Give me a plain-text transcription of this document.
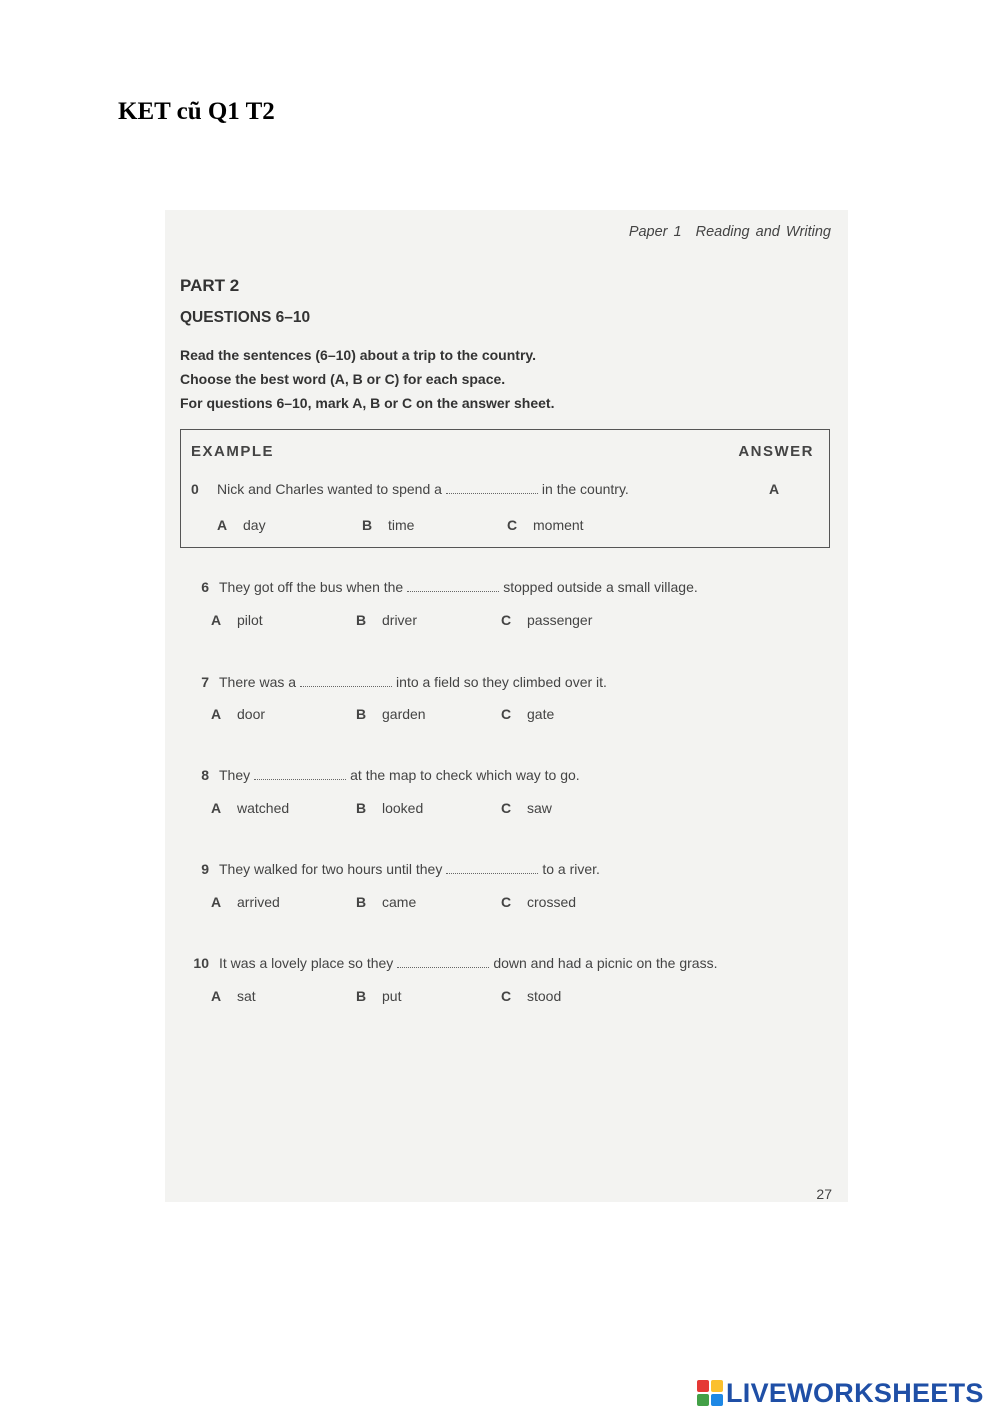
KET cũ Q1 T2
Paper 1 Reading and Writing
PART 2
QUESTIONS 6–10
Read the sentences (6–10) about a trip to the country.
Choose the best word (A, B or C) for each space.
For questions 6–10, mark A, B or C on the answer sheet.
EXAMPLE	ANSWER
0 Nick and Charles wanted to spend a	in the country.	A
A day	B time	C moment
6 They got off the bus when the	stopped outside a small village.
A pilot	B driver	C passenger
7 There was a	into a field so they climbed over it.
A door	B garden	C gate
8 They	at the map to check which way to go.
A watched	B looked	C saw
9 They walked for two hours until they	to a river.
A arrived	B came	C crossed
10 It was a lovely place so they	down and had a picnic on the grass.
A sat	B put	C stood
27
LIVEWORKSHEETS
